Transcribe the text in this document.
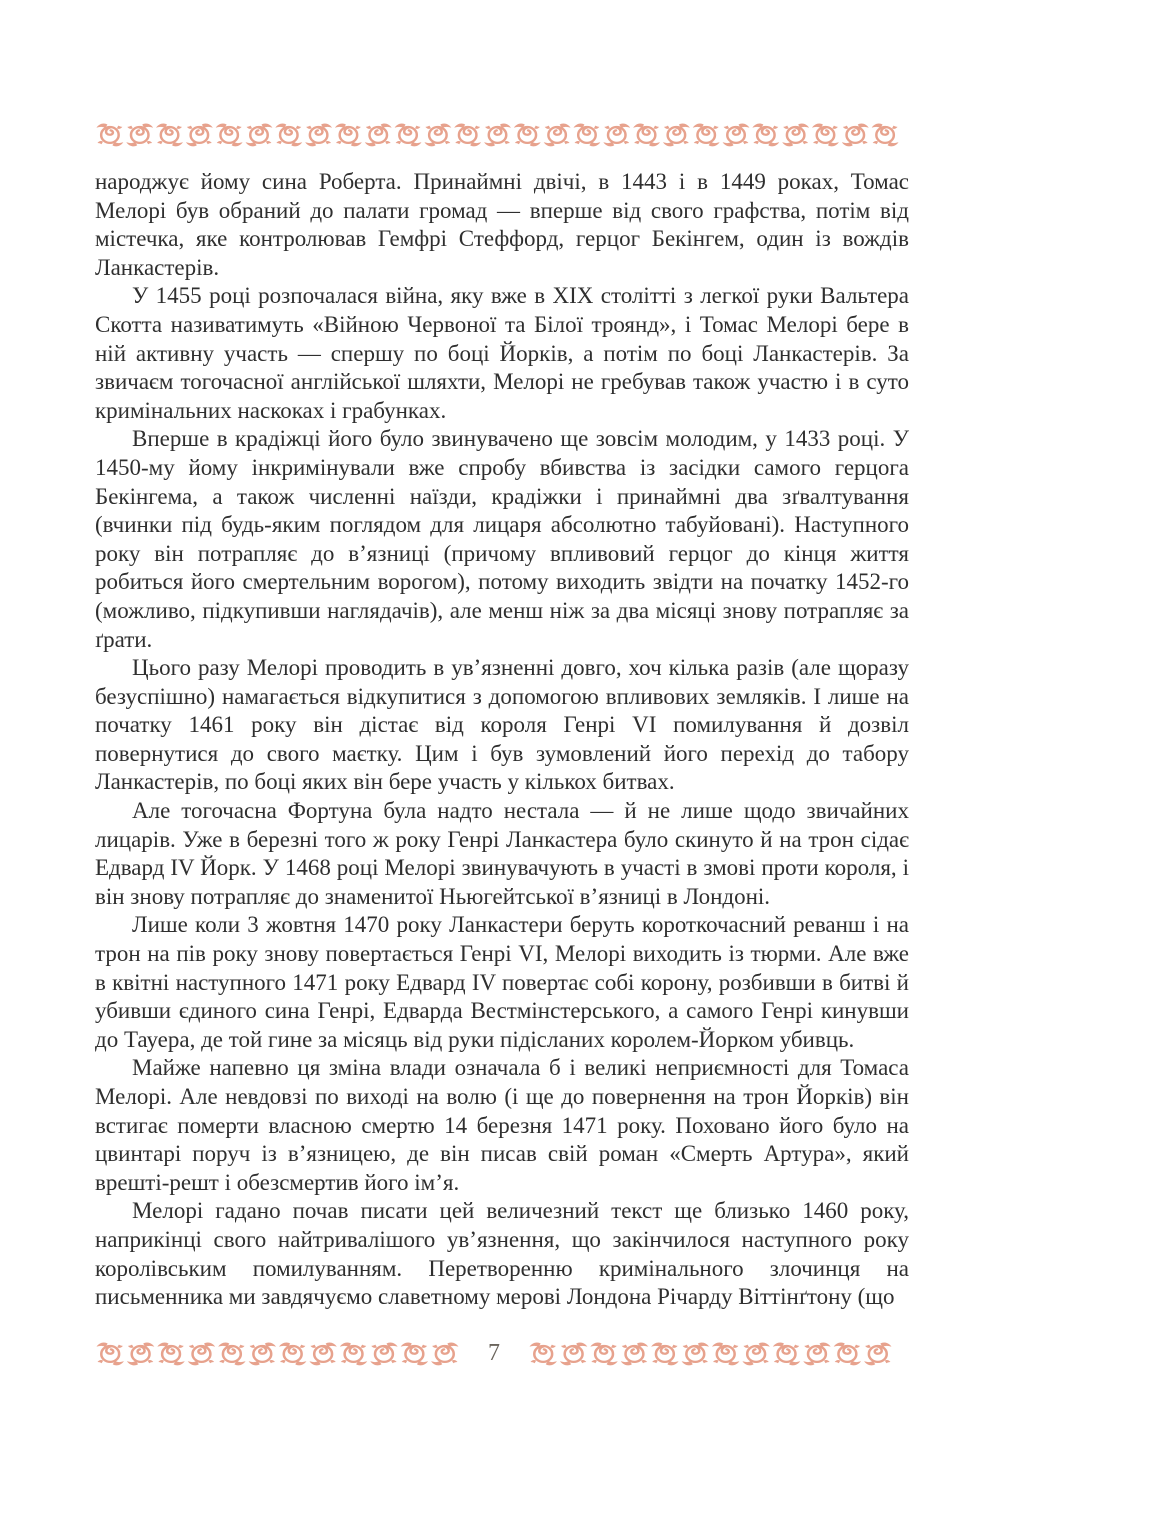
народжує йому сина Роберта. Принаймні двічі, в 1443 і в 1449 роках, Томас Мелорі був обраний до палати громад — вперше від свого графства, потім від містечка, яке контролював Гемфрі Стеффорд, герцог Бекінгем, один із вождів Ланкастерів.

У 1455 році розпочалася війна, яку вже в XIX столітті з легкої руки Вальтера Скотта називатимуть «Війною Червоної та Білої троянд», і Томас Мелорі бере в ній активну участь — спершу по боці Йорків, а потім по боці Ланкастерів. За звичаєм тогочасної англійської шляхти, Мелорі не гребував також участю і в суто кримінальних наскоках і грабунках.

Вперше в крадіжці його було звинувачено ще зовсім молодим, у 1433 році. У 1450-му йому інкримінували вже спробу вбивства із засідки самого герцога Бекінгема, а також численні наїзди, крадіжки і принаймні два зґвалтування (вчинки під будь-яким поглядом для лицаря абсолютно табуйовані). Наступного року він потрапляє до в’язниці (причому впливовий герцог до кінця життя робиться його смертельним ворогом), потому виходить звідти на початку 1452-го (можливо, підкупивши наглядачів), але менш ніж за два місяці знову потрапляє за ґрати.

Цього разу Мелорі проводить в ув’язненні довго, хоч кілька разів (але щоразу безуспішно) намагається відкупитися з допомогою впливових земляків. І лише на початку 1461 року він дістає від короля Генрі VI помилування й дозвіл повернутися до свого маєтку. Цим і був зумовлений його перехід до табору Ланкастерів, по боці яких він бере участь у кількох битвах.

Але тогочасна Фортуна була надто нестала — й не лише щодо звичайних лицарів. Уже в березні того ж року Генрі Ланкастера було скинуто й на трон сідає Едвард IV Йорк. У 1468 році Мелорі звинувачують в участі в змові проти короля, і він знову потрапляє до знаменитої Ньюгейтської в’язниці в Лондоні.

Лише коли 3 жовтня 1470 року Ланкастери беруть короткочасний реванш і на трон на пів року знову повертається Генрі VI, Мелорі виходить із тюрми. Але вже в квітні наступного 1471 року Едвард IV повертає собі корону, розбивши в битві й убивши єдиного сина Генрі, Едварда Вестмінстерського, а самого Генрі кинувши до Тауера, де той гине за місяць від руки підісланих королем-Йорком убивць.

Майже напевно ця зміна влади означала б і великі неприємності для Томаса Мелорі. Але невдовзі по виході на волю (і ще до повернення на трон Йорків) він встигає померти власною смертю 14 березня 1471 року. Поховано його було на цвинтарі поруч із в’язницею, де він писав свій роман «Смерть Артура», який врешті-решт і обезсмертив його ім’я.

Мелорі гадано почав писати цей величезний текст ще близько 1460 року, наприкінці свого найтривалішого ув’язнення, що закінчилося наступного року королівським помилуванням. Перетворенню кримінального злочинця на письменника ми завдячуємо славетному мерові Лондона Річарду Віттінґтону (що

7
